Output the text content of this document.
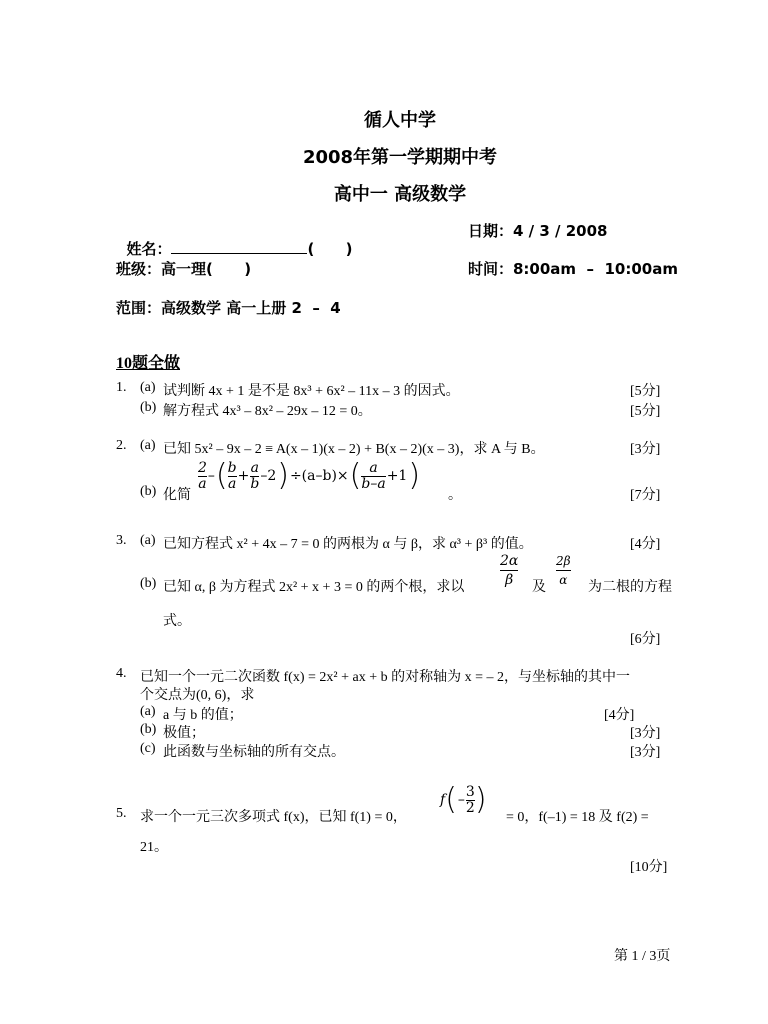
循人中学
2008年第一学期期中考
高中一 高级数学

姓名：	(      )

日期：4 / 3 / 2008
班级：高一理(      )	时间：8:00am  –  10:00am
范围：高级数学 高一上册 2  –  4
10题全做
1. (a) 试判断 4x + 1 是不是 8x³ + 6x² – 11x – 3 的因式。	[5分]
(b) 解方程式 4x³ – 8x² – 29x – 12 = 0。	[5分]
2. (a) 已知 5x² – 9x – 2 ≡ A(x – 1)(x – 2) + B(x – 2)(x – 3)，求 A 与 B。	[3分]
$\frac{2}{a}$ – ( $\frac{b}{a} + \frac{a}{b} -2$ ) ÷(a–b)× ( $\frac{a}{b-a} +1$ )
(b) 化简	。	[7分]
3. (a) 已知方程式 x² + 4x – 7 = 0 的两根为 α 与 β，求 α³ + β³ 的值。	[4分]
(b) 已知 α, β 为方程式 2x² + x + 3 = 0 的两个根，求以	$\frac{2\alpha}{\beta}$ 及 $\frac{2\beta}{\alpha}$ 为二根的方程
式。
[6分]
4. 已知一个一元二次函数 f(x) = 2x² + ax + b 的对称轴为 x = – 2，与坐标轴的其中一
个交点为(0, 6)，求
(a) a 与 b 的值；	[4分]
(b) 极值；	[3分]
(c) 此函数与坐标轴的所有交点。	[3分]
5. 求一个一元三次多项式 f(x)，已知 f(1) = 0，
f ( – $\frac{3}{2}$ )
= 0，f(–1) = 18 及 f(2) =
21。
[10分]
第 1 / 3页
